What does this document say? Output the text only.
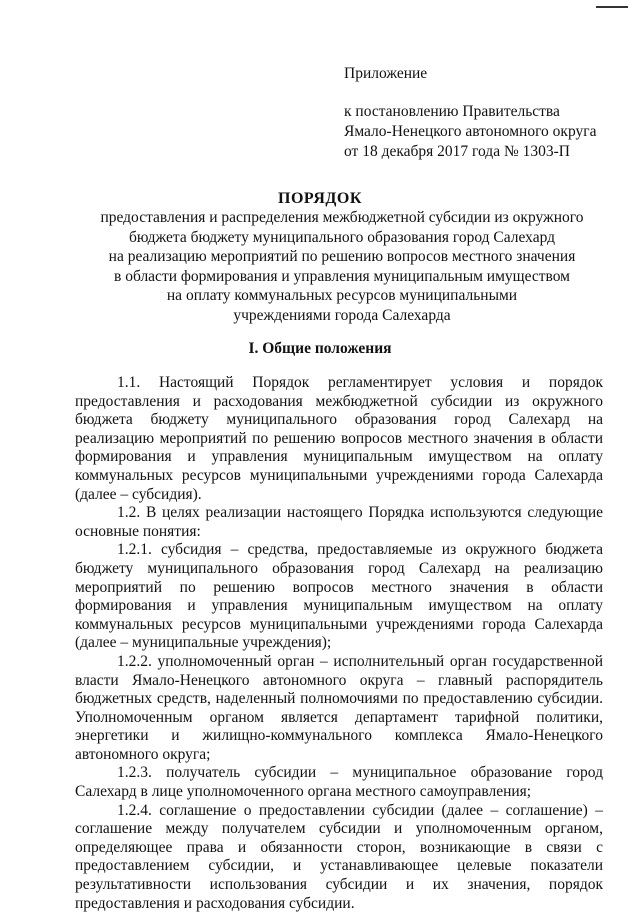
Приложение
к постановлению Правительства
Ямало-Ненецкого автономного округа
от 18 декабря 2017 года № 1303-П
ПОРЯДОК
предоставления и распределения межбюджетной субсидии из окружного
бюджета бюджету муниципального образования город Салехард
на реализацию мероприятий по решению вопросов местного значения
в области формирования и управления муниципальным имуществом
на оплату коммунальных ресурсов муниципальными
учреждениями города Салехарда
I. Общие положения

1.1. Настоящий Порядок регламентирует условия и порядок предоставления и расходования межбюджетной субсидии из окружного бюджета бюджету муниципального образования город Салехард на реализацию мероприятий по решению вопросов местного значения в области формирования и управления муниципальным имуществом на оплату коммунальных ресурсов муниципальными учреждениями города Салехарда (далее – субсидия).

1.2. В целях реализации настоящего Порядка используются следующие основные понятия:

1.2.1. субсидия – средства, предоставляемые из окружного бюджета бюджету муниципального образования город Салехард на реализацию мероприятий по решению вопросов местного значения в области формирования и управления муниципальным имуществом на оплату коммунальных ресурсов муниципальными учреждениями города Салехарда (далее – муниципальные учреждения);

1.2.2. уполномоченный орган – исполнительный орган государственной власти Ямало-Ненецкого автономного округа – главный распорядитель бюджетных средств, наделенный полномочиями по предоставлению субсидии. Уполномоченным органом является департамент тарифной политики, энергетики и жилищно-коммунального комплекса Ямало-Ненецкого автономного округа;

1.2.3. получатель субсидии – муниципальное образование город Салехард в лице уполномоченного органа местного самоуправления;

1.2.4. соглашение о предоставлении субсидии (далее – соглашение) – соглашение между получателем субсидии и уполномоченным органом, определяющее права и обязанности сторон, возникающие в связи с предоставлением субсидии, и устанавливающее целевые показатели результативности использования субсидии и их значения, порядок предоставления и расходования субсидии.
